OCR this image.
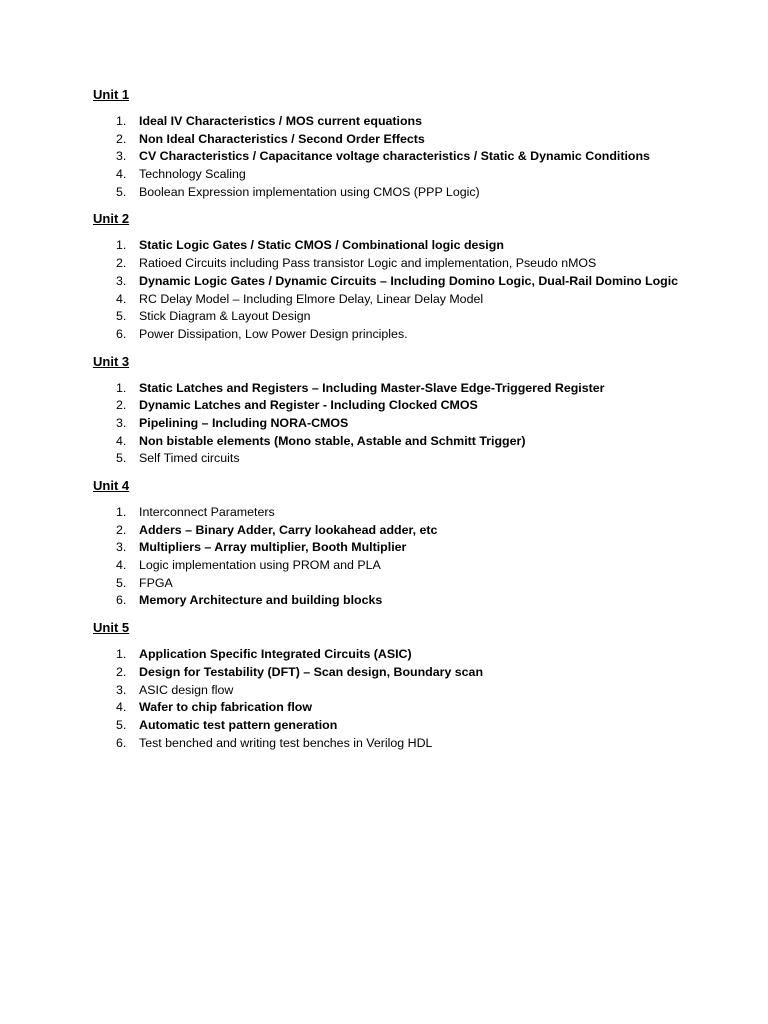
Unit 1
1.	Ideal IV Characteristics / MOS current equations
2.	Non Ideal Characteristics / Second Order Effects
3.	CV Characteristics / Capacitance voltage characteristics / Static & Dynamic Conditions
4.	Technology Scaling
5.	Boolean Expression implementation using CMOS (PPP Logic)
Unit 2
1.	Static Logic Gates / Static CMOS / Combinational logic design
2.	Ratioed Circuits including Pass transistor Logic and implementation, Pseudo nMOS
3.	Dynamic Logic Gates / Dynamic Circuits – Including Domino Logic, Dual-Rail Domino Logic
4.	RC Delay Model – Including Elmore Delay, Linear Delay Model
5.	Stick Diagram & Layout Design
6.	Power Dissipation, Low Power Design principles.
Unit 3
1.	Static Latches and Registers – Including Master-Slave Edge-Triggered Register
2.	Dynamic Latches and Register - Including Clocked CMOS
3.	Pipelining – Including NORA-CMOS
4.	Non bistable elements (Mono stable, Astable and Schmitt Trigger)
5.	Self Timed circuits
Unit 4
1.	Interconnect Parameters
2.	Adders – Binary Adder, Carry lookahead adder, etc
3.	Multipliers – Array multiplier, Booth Multiplier
4.	Logic implementation using PROM and PLA
5.	FPGA
6.	Memory Architecture and building blocks
Unit 5
1.	Application Specific Integrated Circuits (ASIC)
2.	Design for Testability (DFT) – Scan design, Boundary scan
3.	ASIC design flow
4.	Wafer to chip fabrication flow
5.	Automatic test pattern generation
6.	Test benched and writing test benches in Verilog HDL
